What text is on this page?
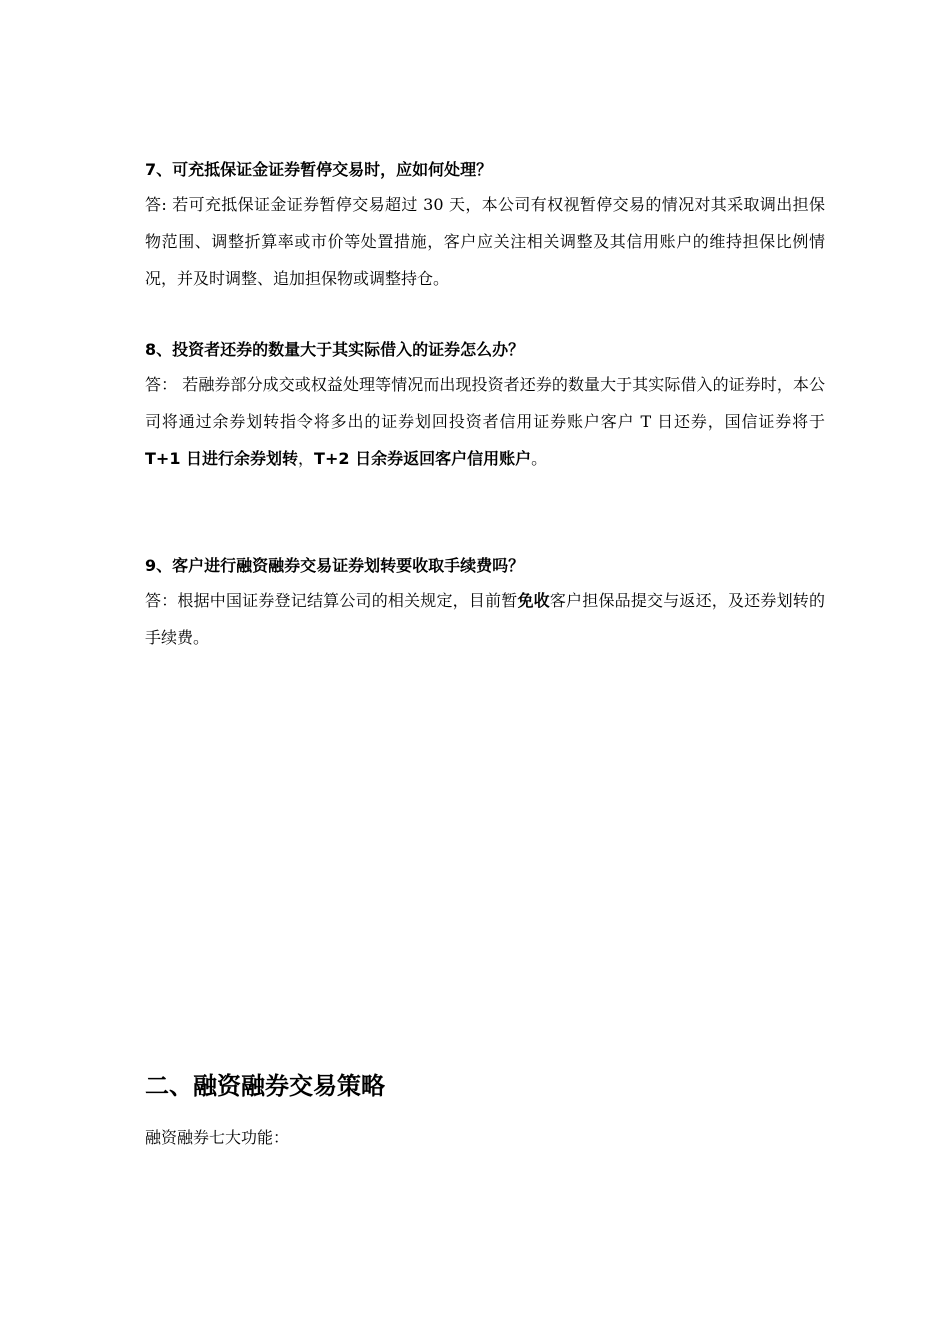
7、可充抵保证金证券暂停交易时，应如何处理？

答: 若可充抵保证金证券暂停交易超过 30 天，本公司有权视暂停交易的情况对其采取调出担保物范围、调整折算率或市价等处置措施，客户应关注相关调整及其信用账户的维持担保比例情况，并及时调整、追加担保物或调整持仓。

8、投资者还券的数量大于其实际借入的证券怎么办？

答： 若融券部分成交或权益处理等情况而出现投资者还券的数量大于其实际借入的证券时，本公司将通过余券划转指令将多出的证券划回投资者信用证券账户客户 T 日还券，国信证券将于 T+1 日进行余券划转，T+2 日余券返回客户信用账户。

9、客户进行融资融券交易证券划转要收取手续费吗？

答：根据中国证券登记结算公司的相关规定，目前暂免收客户担保品提交与返还，及还券划转的手续费。

二、融资融券交易策略

融资融券七大功能：
